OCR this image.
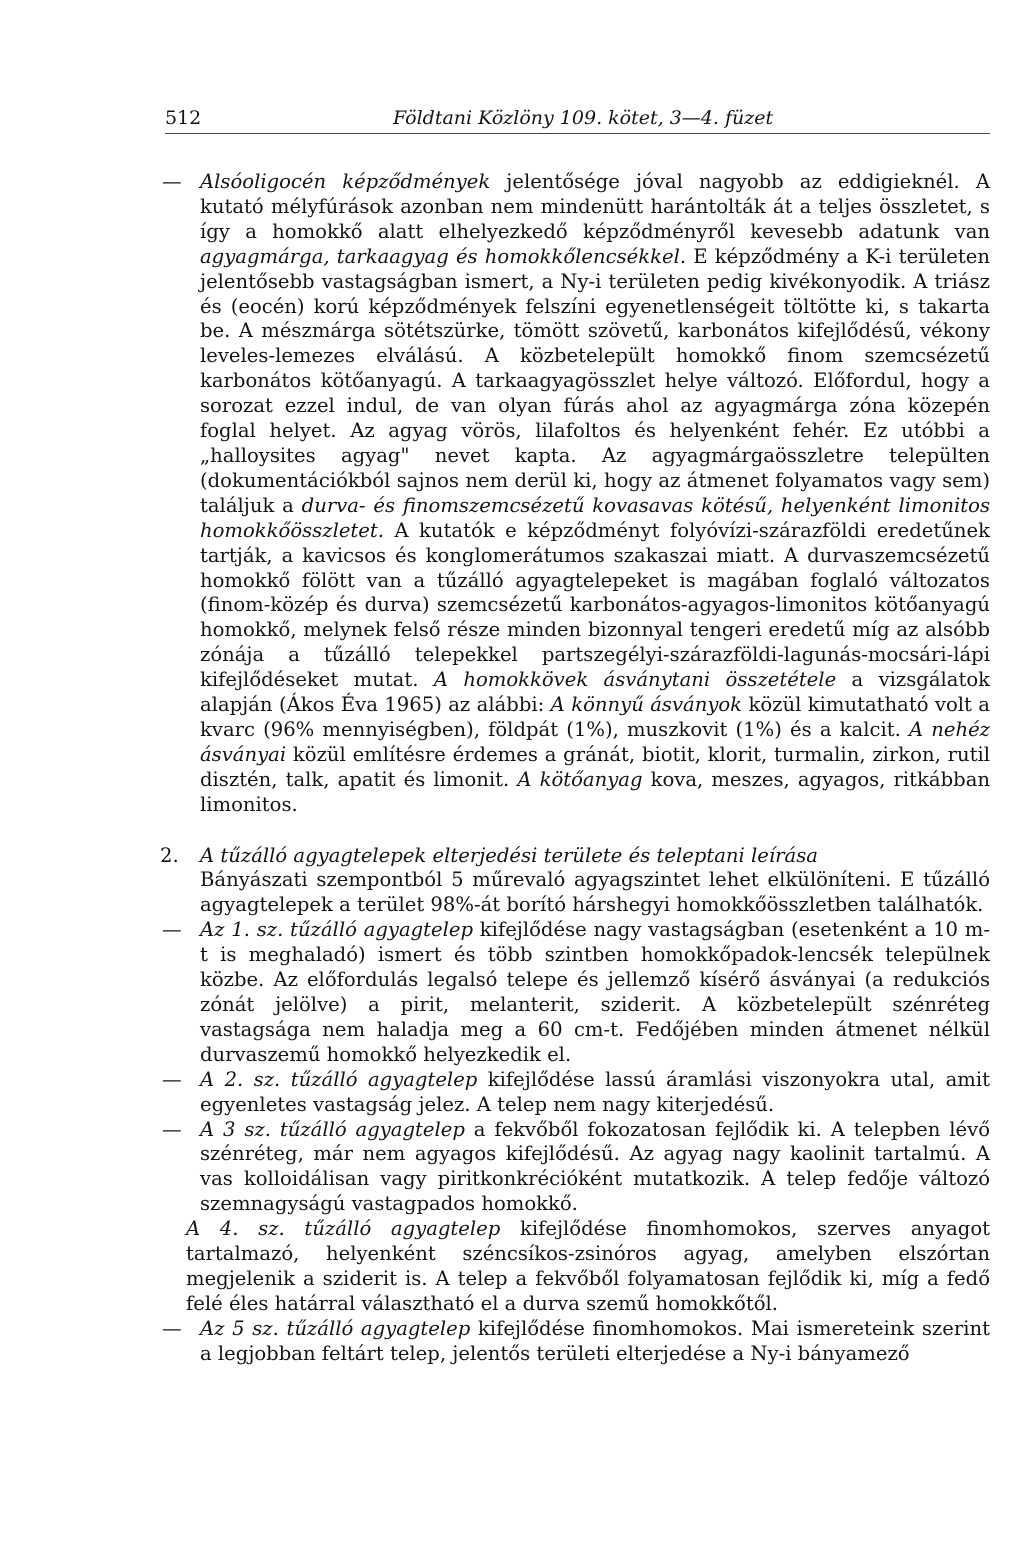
512	Földtani Közlöny 109. kötet, 3—4. füzet

— Alsóoligocén képződmények jelentősége jóval nagyobb az eddigieknél. A kutató mélyfúrások azonban nem mindenütt harántolták át a teljes összletet, s így a homokkő alatt elhelyezkedő képződményről kevesebb adatunk van agyagmárga, tarkaagyag és homokkőlencsékkel. E képződmény a K-i területen jelentősebb vastagságban ismert, a Ny-i területen pedig kivékonyodik. A triász és (eocén) korú képződmények felszíni egyenetlenségeit töltötte ki, s takarta be. A mészmárga sötétszürke, tömött szövetű, karbonátos kifejlődésű, vékony leveles-lemezes elválású. A közbetelepült homokkő finom szemcsézetű karbonátos kötőanyagú. A tarkaagyagösszlet helye változó. Előfordul, hogy a sorozat ezzel indul, de van olyan fúrás ahol az agyagmárga zóna közepén foglal helyet. Az agyag vörös, lilafoltos és helyenként fehér. Ez utóbbi a „halloysites agyag" nevet kapta. Az agyagmárgaösszletre települten (dokumentációkból sajnos nem derül ki, hogy az átmenet folyamatos vagy sem) találjuk a durva- és finomszemcsézetű kovasavas kötésű, helyenként limonitos homokkőösszletet. A kutatók e képződményt folyóvízi-szárazföldi eredetűnek tartják, a kavicsos és konglomerátumos szakaszai miatt. A durvaszemcsézetű homokkő fölött van a tűzálló agyagtelepeket is magában foglaló változatos (finom-közép és durva) szemcsézetű karbonátos-agyagos-limonitos kötőanyagú homokkő, melynek felső része minden bizonnyal tengeri eredetű míg az alsóbb zónája a tűzálló telepekkel partszegélyi-szárazföldi-lagunás-mocsári-lápi kifejlődéseket mutat. A homokkövek ásványtani összetétele a vizsgálatok alapján (Ákos Éva 1965) az alábbi: A könnyű ásványok közül kimutatható volt a kvarc (96% mennyiségben), földpát (1%), muszkovit (1%) és a kalcit. A nehéz ásványai közül említésre érdemes a gránát, biotit, klorit, turmalin, zirkon, rutil disztén, talk, apatit és limonit. A kötőanyag kova, meszes, agyagos, ritkábban limonitos.

2. A tűzálló agyagtelepek elterjedési területe és teleptani leírása

Bányászati szempontból 5 műrevaló agyagszintet lehet elkülöníteni. E tűzálló agyagtelepek a terület 98%-át borító hárshegyi homokkőösszletben találhatók.

— Az 1. sz. tűzálló agyagtelep kifejlődése nagy vastagságban (esetenként a 10 m-t is meghaladó) ismert és több szintben homokkőpadok-lencsék települnek közbe. Az előfordulás legalsó telepe és jellemző kísérő ásványai (a redukciós zónát jelölve) a pirit, melanterit, sziderit. A közbetelepült szénréteg vastagsága nem haladja meg a 60 cm-t. Fedőjében minden átmenet nélkül durvaszemű homokkő helyezkedik el.

— A 2. sz. tűzálló agyagtelep kifejlődése lassú áramlási viszonyokra utal, amit egyenletes vastagság jelez. A telep nem nagy kiterjedésű.

— A 3 sz. tűzálló agyagtelep a fekvőből fokozatosan fejlődik ki. A telepben lévő szénréteg, már nem agyagos kifejlődésű. Az agyag nagy kaolinit tartalmú. A vas kolloidálisan vagy piritkonkrécióként mutatkozik. A telep fedője változó szemnagyságú vastagpados homokkő.

A 4. sz. tűzálló agyagtelep kifejlődése finomhomokos, szerves anyagot tartalmazó, helyenként széncsíkos-zsinóros agyag, amelyben elszórtan megjelenik a sziderit is. A telep a fekvőből folyamatosan fejlődik ki, míg a fedő felé éles határral választható el a durva szemű homokkőtől.

— Az 5 sz. tűzálló agyagtelep kifejlődése finomhomokos. Mai ismereteink szerint a legjobban feltárt telep, jelentős területi elterjedése a Ny-i bányamező
